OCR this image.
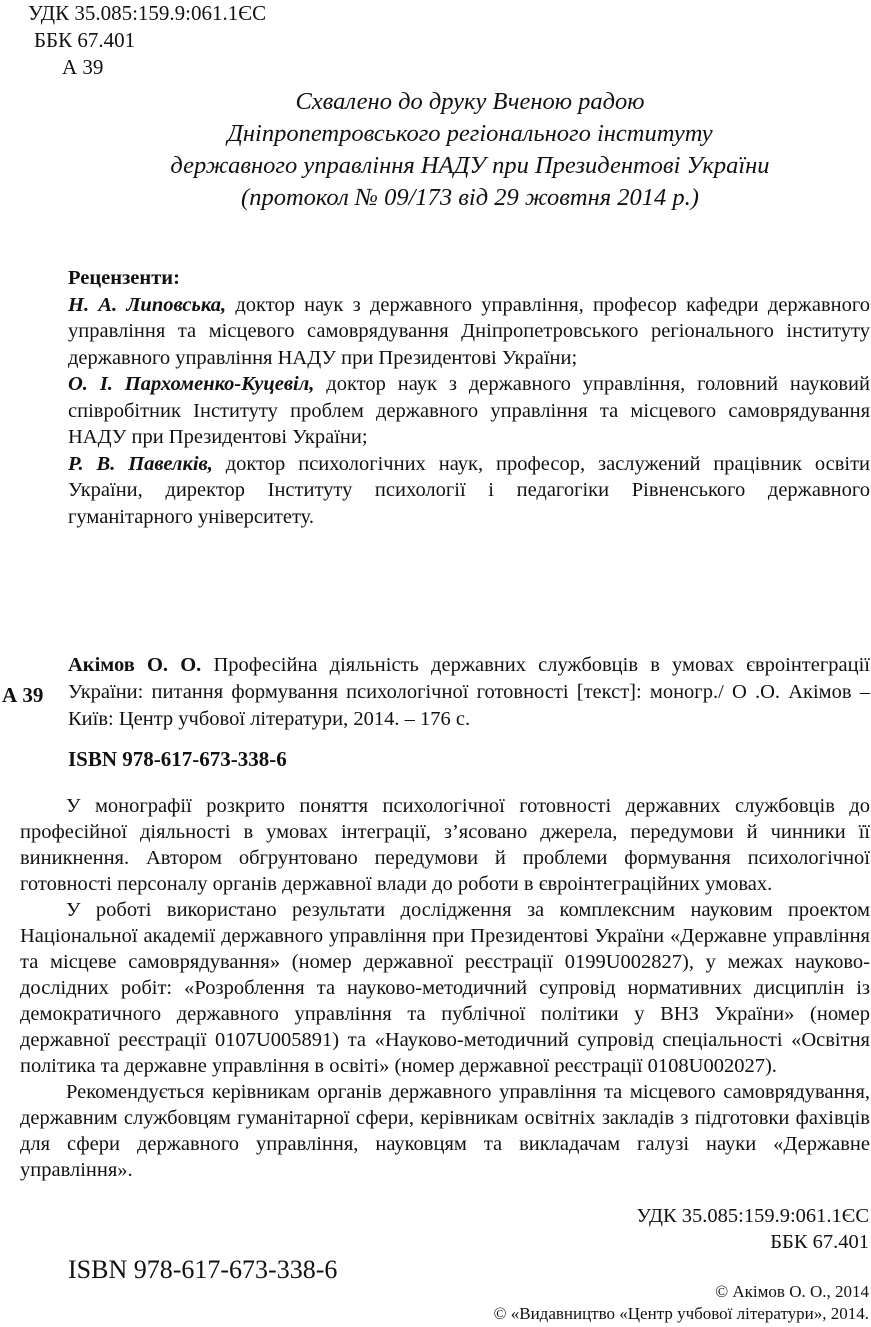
УДК 35.085:159.9:061.1ЄС
ББК 67.401
А 39
Схвалено до друку Вченою радою
Дніпропетровського регіонального інституту
державного управління НАДУ при Президентові України
(протокол № 09/173 від 29 жовтня 2014 р.)
Рецензенти:

Н. А. Липовська, доктор наук з державного управління, професор кафедри державного управління та місцевого самоврядування Дніпропетровського регіонального інституту державного управління НАДУ при Президентові України;

О. І. Пархоменко-Куцевіл, доктор наук з державного управління, головний науковий співробітник Інституту проблем державного управління та місцевого самоврядування НАДУ при Президентові України;

Р. В. Павелків, доктор психологічних наук, професор, заслужений працівник освіти України, директор Інституту психології і педагогіки Рівненського державного гуманітарного університету.

А 39
Акімов О. О. Професійна діяльність державних службовців в умовах євроінтеграції України: питання формування психологічної готовності [текст]: моногр./ О .О. Акімов – Київ: Центр учбової літератури, 2014. – 176 с.
ISBN 978-617-673-338-6

У монографії розкрито поняття психологічної готовності державних службовців до професійної діяльності в умовах інтеграції, з’ясовано джерела, передумови й чинники її виникнення. Автором обгрунтовано передумови й проблеми формування психологічної готовності персоналу органів державної влади до роботи в євроінтеграційних умовах.

У роботі використано результати дослідження за комплексним науковим проектом Національної академії державного управління при Президентові України «Державне управління та місцеве самоврядування» (номер державної реєстрації 0199U002827), у межах науково-дослідних робіт: «Розроблення та науково-методичний супровід нормативних дисциплін із демократичного державного управління та публічної політики у ВНЗ України» (номер державної реєстрації 0107U005891) та «Науково-методичний супровід спеціальності «Освітня політика та державне управління в освіті» (номер державної реєстрації 0108U002027).

Рекомендується керівникам органів державного управління та місцевого самоврядування, державним службовцям гуманітарної сфери, керівникам освітніх закладів з підготовки фахівців для сфери державного управління, науковцям та викладачам галузі науки «Державне управління».

УДК 35.085:159.9:061.1ЄС
ББК 67.401
ISBN 978-617-673-338-6
© Акімов О. О., 2014
© «Видавництво «Центр учбової літератури», 2014.
